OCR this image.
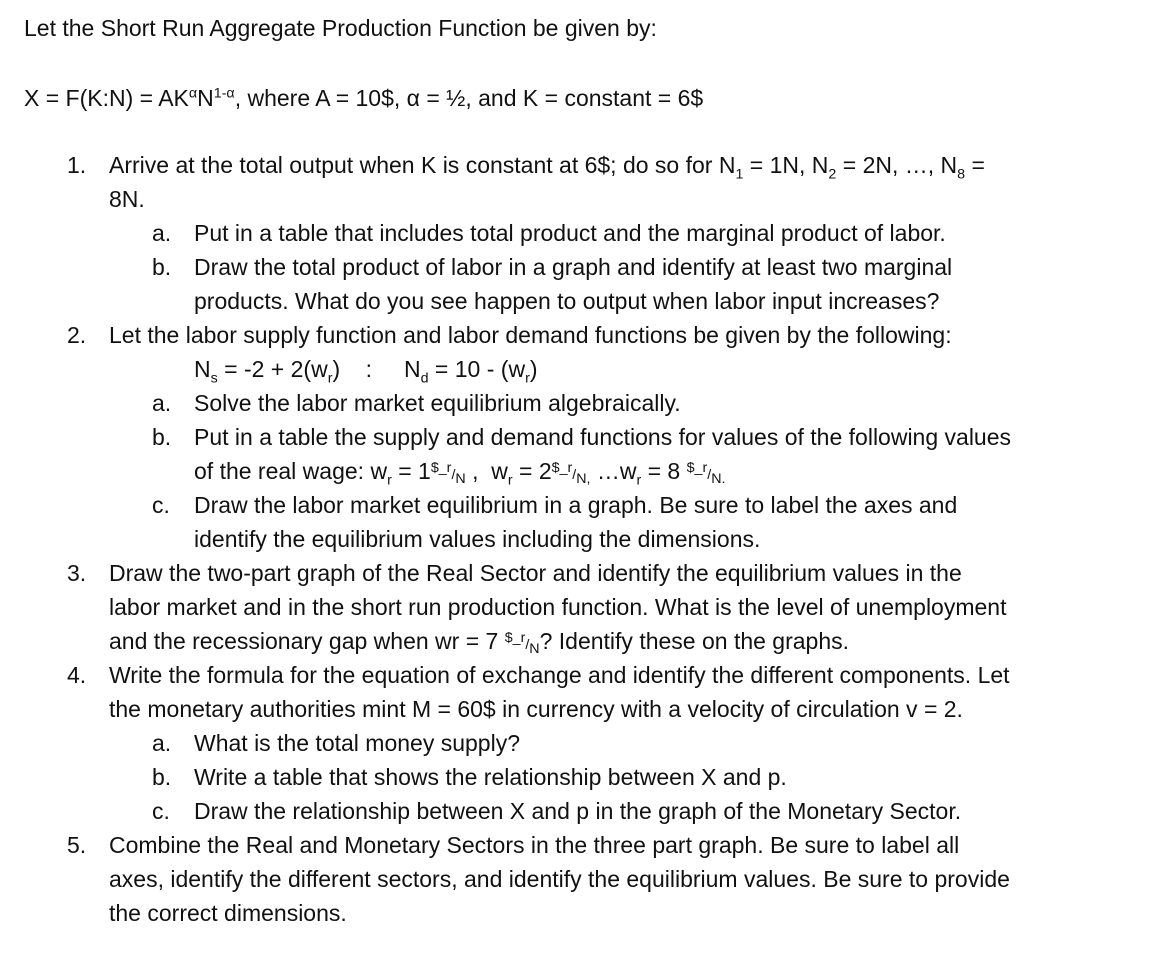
Let the Short Run Aggregate Production Function be given by:
X = F(K:N) = $AK^\alpha N^{1-\alpha}$, where A = 10$, α = ½, and K = constant = 6$
1. Arrive at the total output when K is constant at 6$; do so for $N_1 = 1N$, $N_2 = 2N$, …, $N_8$ =
8N.
a. Put in a table that includes total product and the marginal product of labor.
b. Draw the total product of labor in a graph and identify at least two marginal
products. What do you see happen to output when labor input increases?
2. Let the labor supply function and labor demand functions be given by the following:
$N_s = -2 + 2(w_r)$    :     $N_d = 10 - (w_r)$
a. Solve the labor market equilibrium algebraically.
b. Put in a table the supply and demand functions for values of the following values
of the real wage: $w_r$ = 1$_r/N ,  $w_r$ = 2$_r/N, $\dots w_r = 8$ $_r/N.
c. Draw the labor market equilibrium in a graph. Be sure to label the axes and
identify the equilibrium values including the dimensions.
3. Draw the two-part graph of the Real Sector and identify the equilibrium values in the
labor market and in the short run production function. What is the level of unemployment
and the recessionary gap when wr = 7 $_r/N? Identify these on the graphs.
4. Write the formula for the equation of exchange and identify the different components. Let
the monetary authorities mint M = 60$ in currency with a velocity of circulation v = 2.
a. What is the total money supply?
b. Write a table that shows the relationship between X and p.
c. Draw the relationship between X and p in the graph of the Monetary Sector.
5. Combine the Real and Monetary Sectors in the three part graph. Be sure to label all
axes, identify the different sectors, and identify the equilibrium values. Be sure to provide
the correct dimensions.
